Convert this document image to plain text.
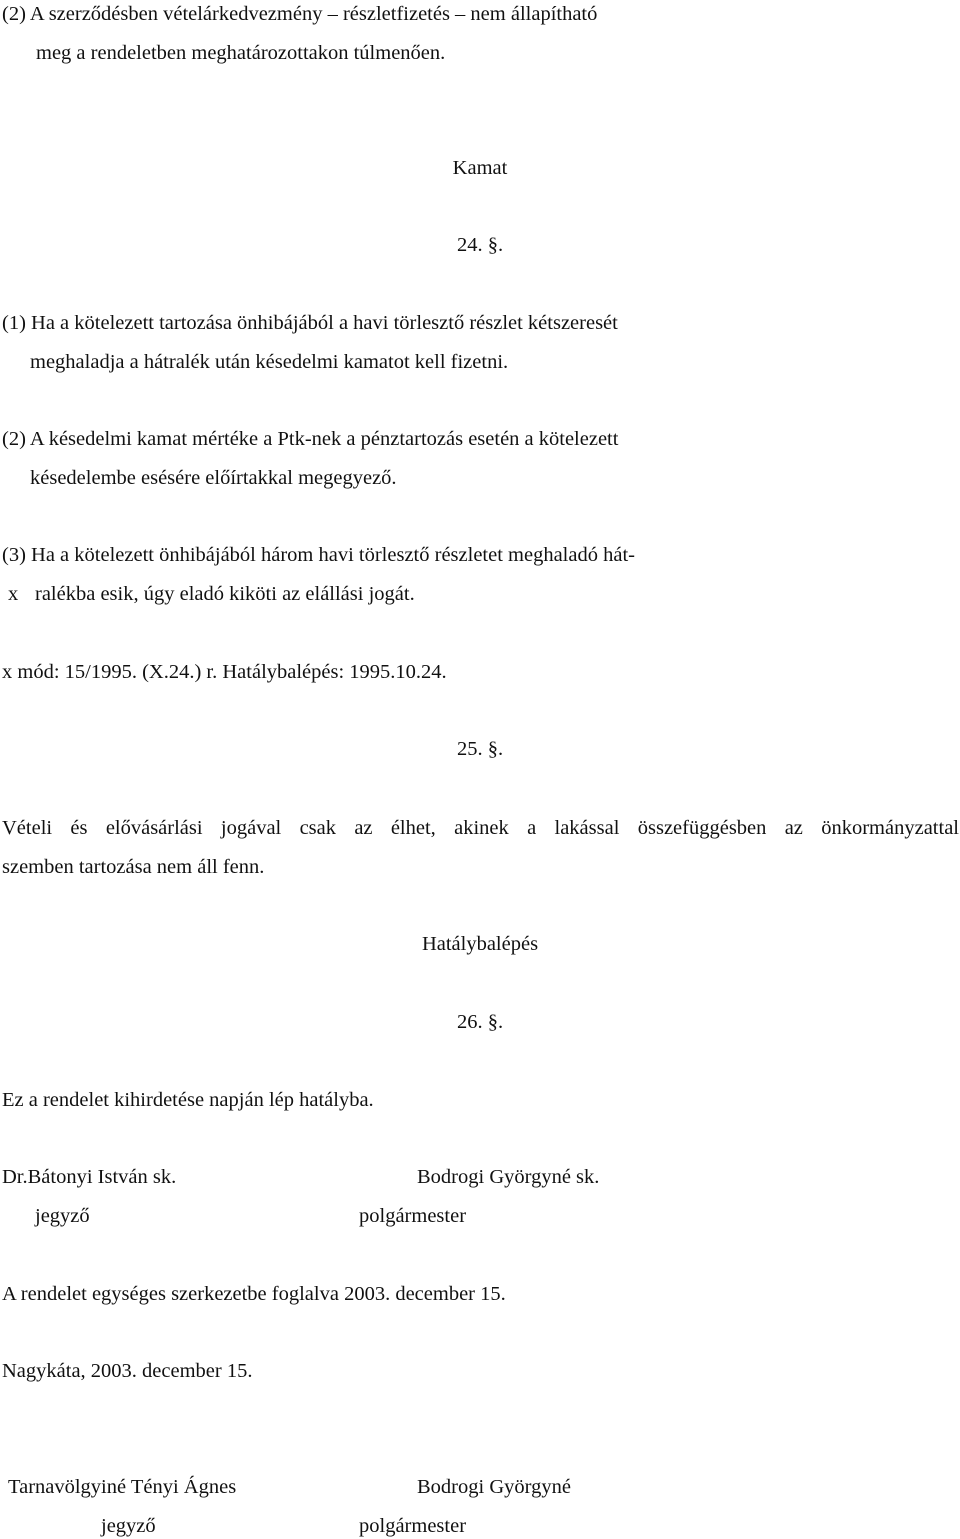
(2) A szerződésben vételárkedvezmény – részletfizetés – nem állapítható
meg a rendeletben meghatározottakon túlmenően.
Kamat
24. §.
(1) Ha a kötelezett tartozása önhibájából a havi törlesztő részlet kétszeresét
meghaladja a hátralék után késedelmi kamatot kell fizetni.
(2) A késedelmi kamat mértéke a Ptk-nek a pénztartozás esetén a kötelezett
késedelembe esésére előírtakkal megegyező.
(3) Ha a kötelezett önhibájából három havi törlesztő részletet meghaladó hát-
x ralékba esik, úgy eladó kiköti az elállási jogát.
x mód: 15/1995. (X.24.) r. Hatálybalépés: 1995.10.24.
25. §.
Vételi és elővásárlási jogával csak az élhet, akinek a lakással összefüggésben az önkormányzattal
szemben tartozása nem áll fenn.
Hatálybalépés
26. §.
Ez a rendelet kihirdetése napján lép hatályba.
Dr.Bátonyi István sk.	Bodrogi Györgyné sk.
jegyző	polgármester
A rendelet egységes szerkezetbe foglalva 2003. december 15.
Nagykáta, 2003. december 15.
Tarnavölgyiné Tényi Ágnes	Bodrogi Györgyné
jegyző	polgármester
